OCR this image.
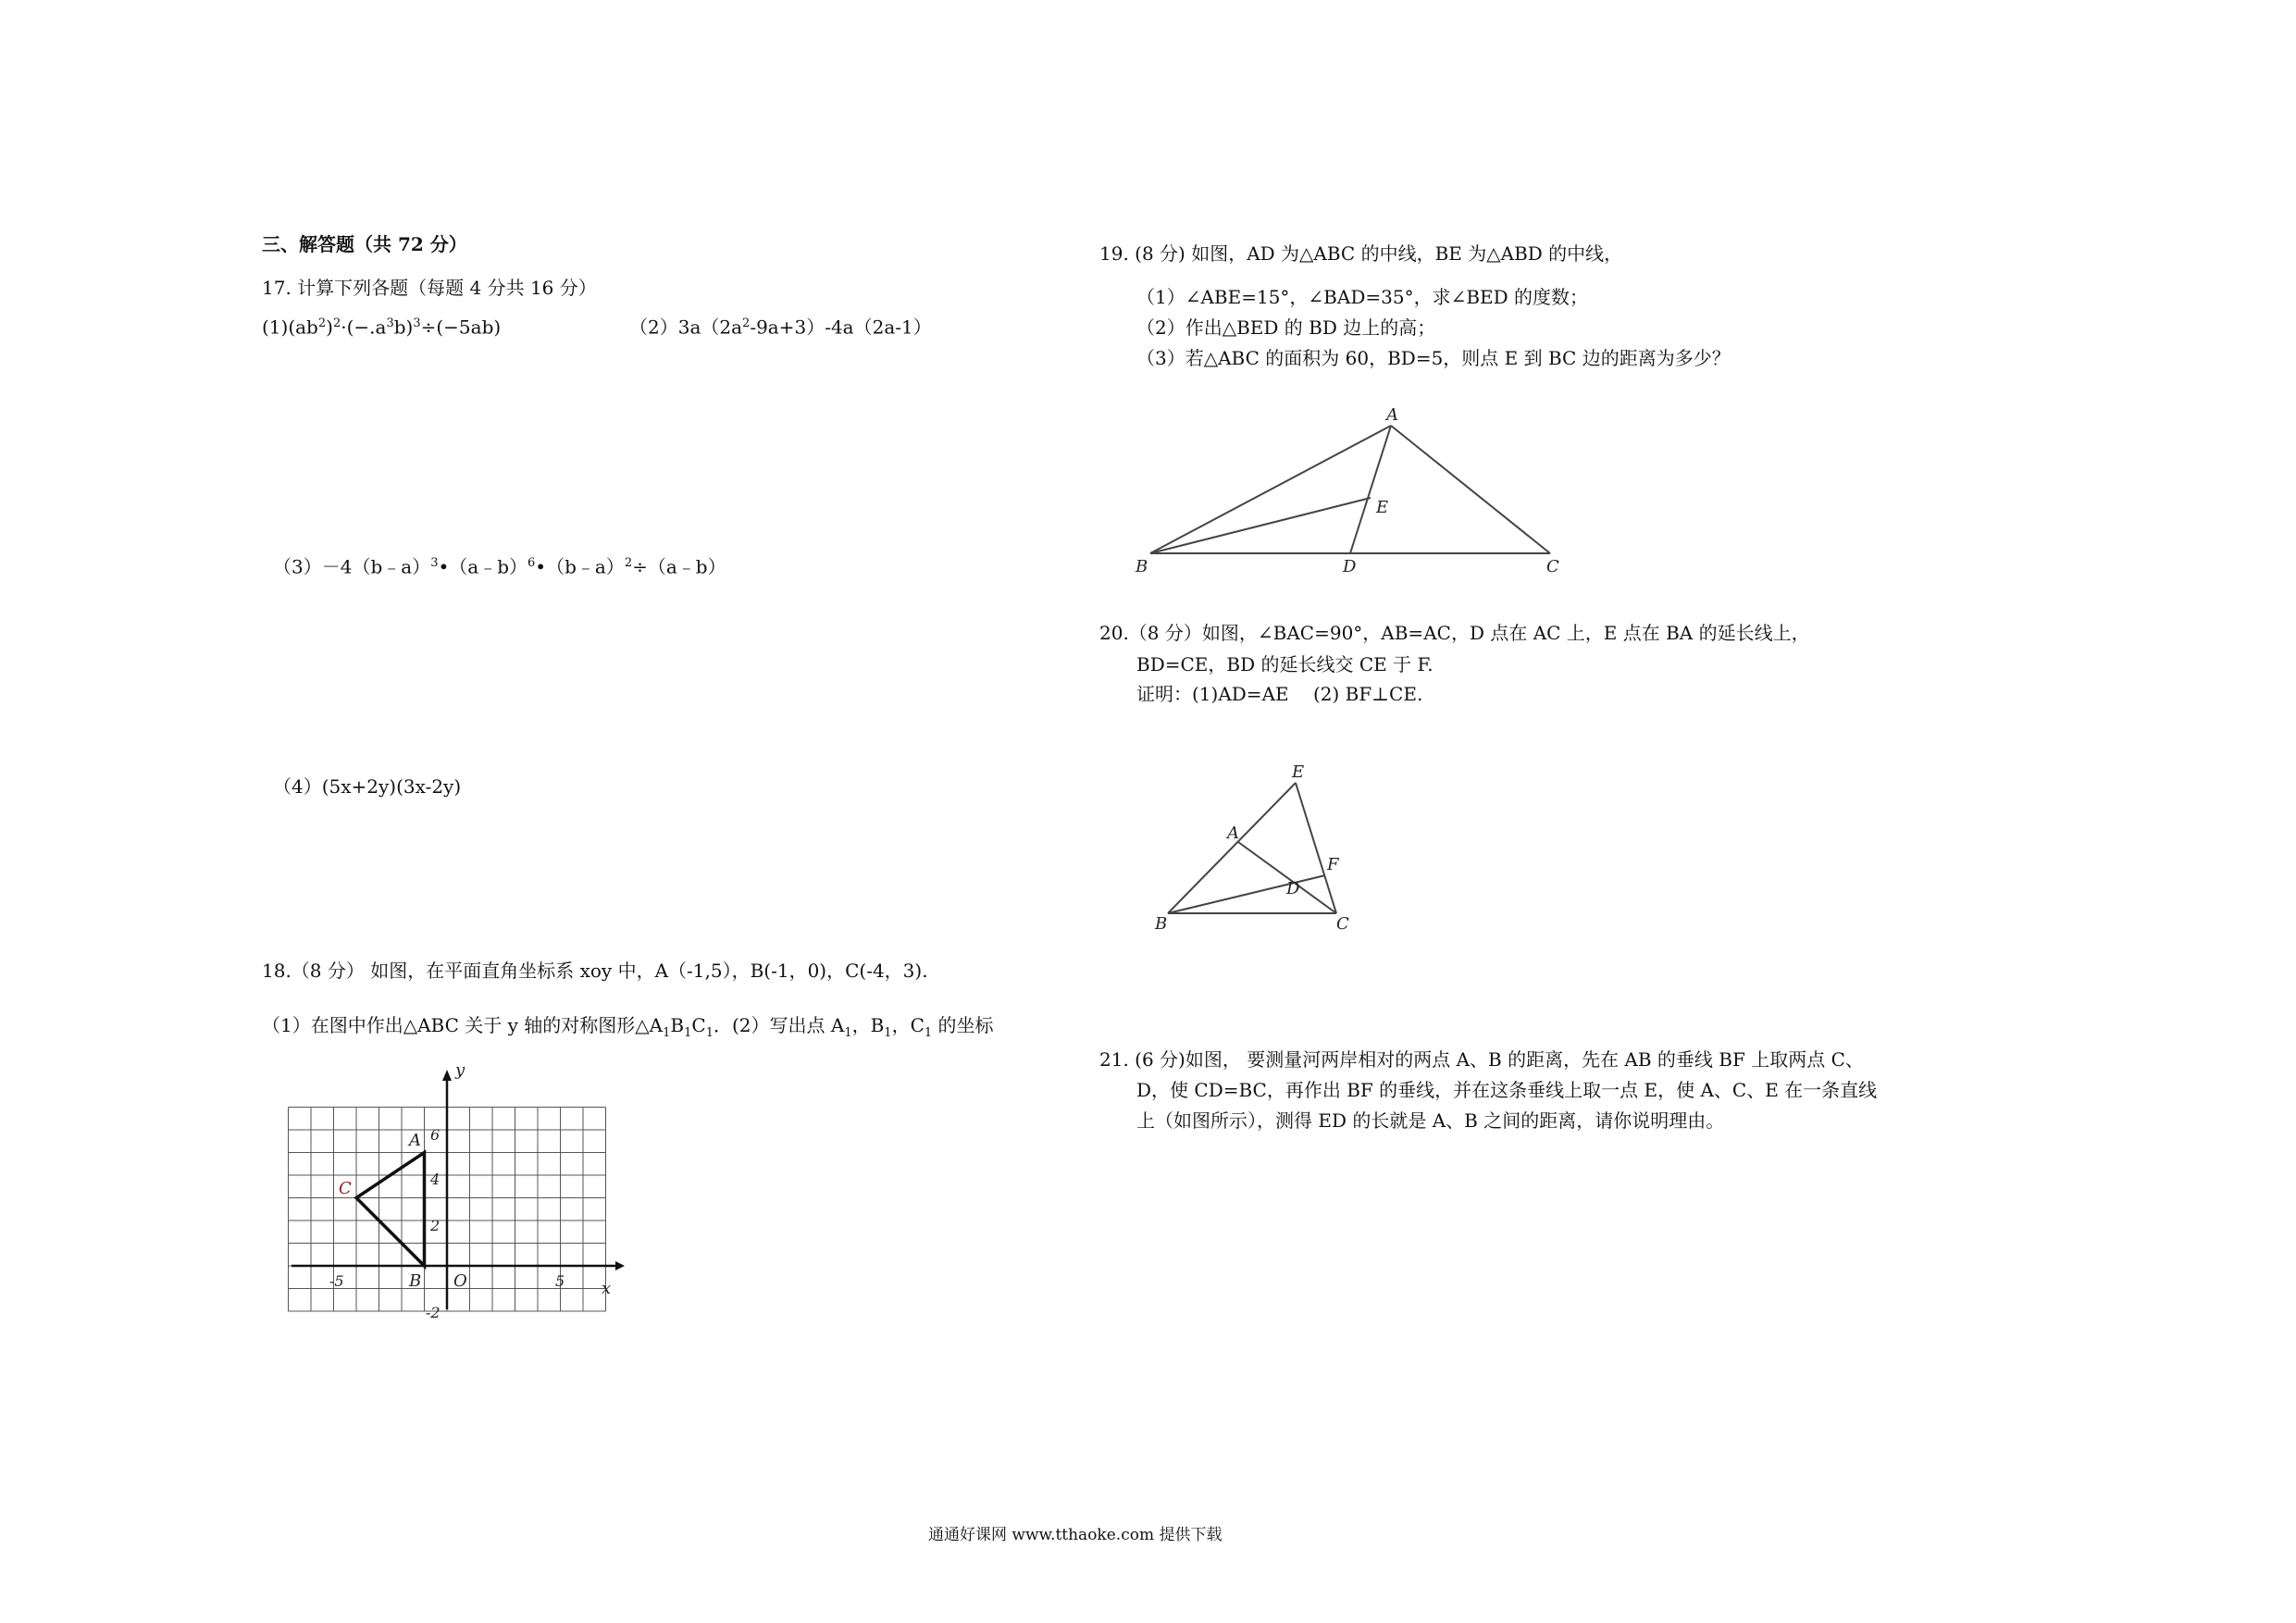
三、解答题（共 72 分）
17. 计算下列各题（每题 4 分共 16 分）
$(1)(ab^2)^2\cdot(-.a^3b)^3\div(-5ab)$	$(2)3a(2a^2-9a+3)-4a(2a-1)$
（3）－4（b﹣a）$^3$•（a﹣b）$^6$•（b﹣a）$^2$÷（a﹣b）
（4）(5x+2y)(3x-2y)
18.（8 分） 如图，在平面直角坐标系 xoy 中，A（-1,5），B(-1，0)，C(-4，3).
（1）在图中作出△ABC 关于 y 轴的对称图形$\triangle A_1B_1C_1$．(2）写出点 $A_1$，$B_1$，$C_1$ 的坐标
y
x
-5	5
6
4
2
-2
O
A
B
C
19. (8 分) 如图，AD 为△ABC 的中线，BE 为△ABD 的中线，
（1）∠ABE=15°，∠BAD=35°，求∠BED 的度数；
（2）作出△BED 的 BD 边上的高；
（3）若△ABC 的面积为 60，BD=5，则点 E 到 BC 边的距离为多少？
A
B	C
D
E
20.（8 分）如图，∠BAC=90°，AB=AC，D 点在 AC 上，E 点在 BA 的延长线上，
BD=CE，BD 的延长线交 CE 于 F.
证明：(1)AD=AE　 (2) BF⊥CE.
E
A
F
D
B	C
21. (6 分)如图， 要测量河两岸相对的两点 A、B 的距离，先在 AB 的垂线 BF 上取两点 C、
D，使 CD=BC，再作出 BF 的垂线，并在这条垂线上取一点 E，使 A、C、E 在一条直线
上（如图所示），测得 ED 的长就是 A、B 之间的距离，请你说明理由。
通通好课网 www.tthaoke.com 提供下载
